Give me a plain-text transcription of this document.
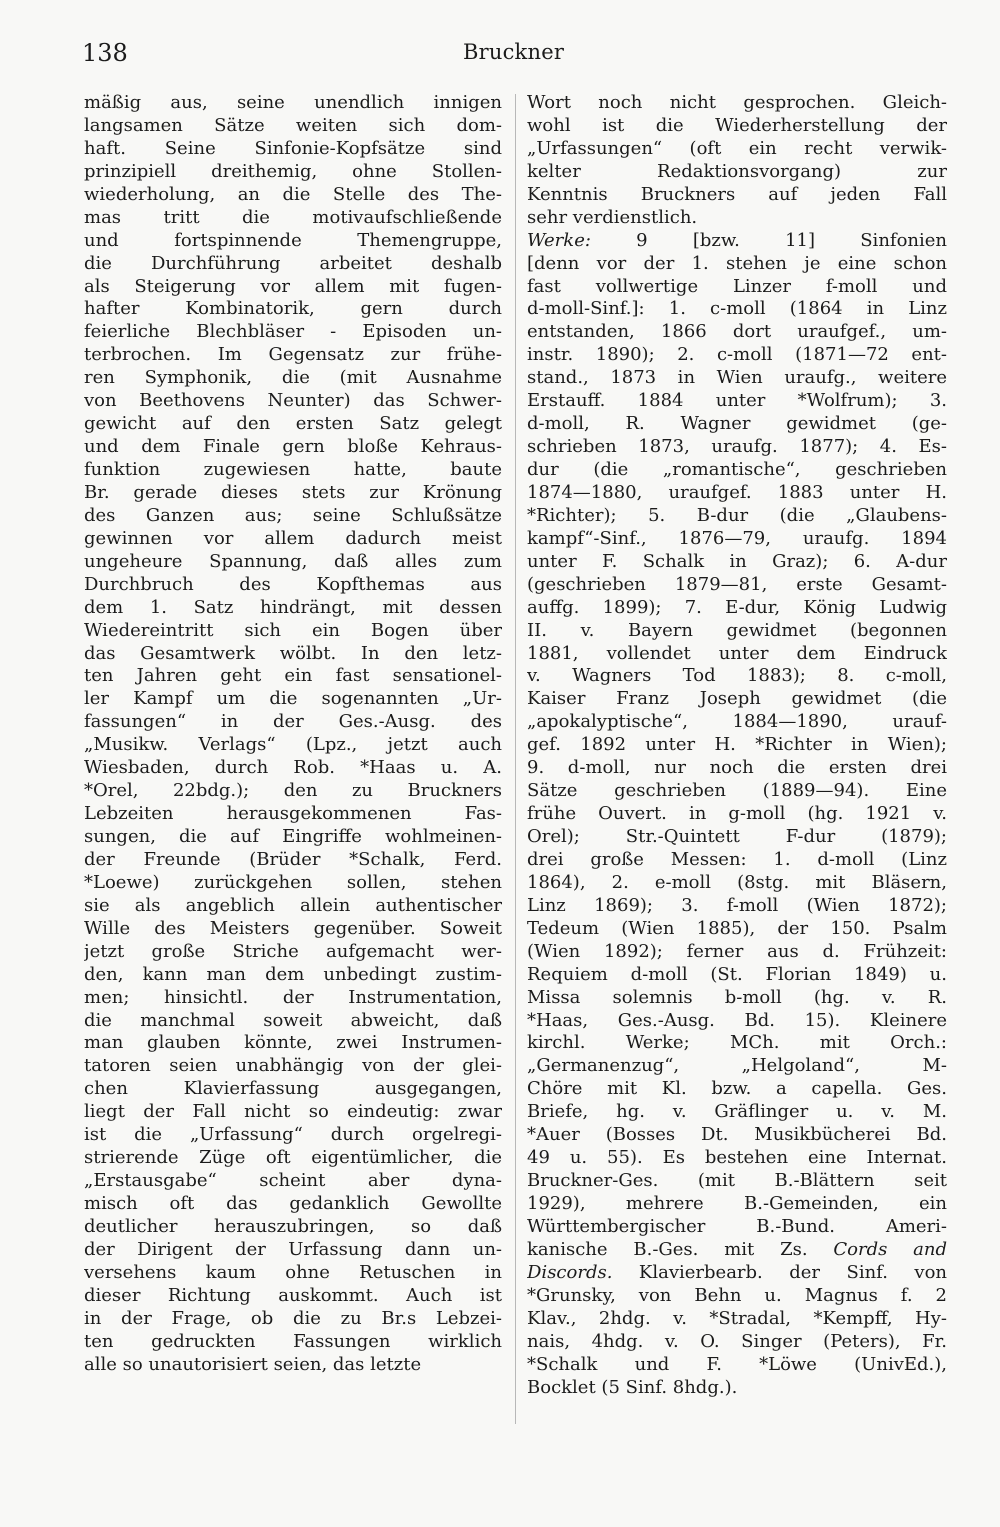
138	Bruckner
mäßig aus, seine unendlich innigen
langsamen Sätze weiten sich dom-
haft. Seine Sinfonie-Kopfsätze sind
prinzipiell dreithemig, ohne Stollen-
wiederholung, an die Stelle des The-
mas tritt die motivaufschließende
und fortspinnende Themengruppe,
die Durchführung arbeitet deshalb
als Steigerung vor allem mit fugen-
hafter Kombinatorik, gern durch
feierliche Blechbläser - Episoden un-
terbrochen. Im Gegensatz zur frühe-
ren Symphonik, die (mit Ausnahme
von Beethovens Neunter) das Schwer-
gewicht auf den ersten Satz gelegt
und dem Finale gern bloße Kehraus-
funktion zugewiesen hatte, baute
Br. gerade dieses stets zur Krönung
des Ganzen aus; seine Schlußsätze
gewinnen vor allem dadurch meist
ungeheure Spannung, daß alles zum
Durchbruch des Kopfthemas aus
dem 1. Satz hindrängt, mit dessen
Wiedereintritt sich ein Bogen über
das Gesamtwerk wölbt. In den letz-
ten Jahren geht ein fast sensationel-
ler Kampf um die sogenannten „Ur-
fassungen“ in der Ges.-Ausg. des
„Musikw. Verlags“ (Lpz., jetzt auch
Wiesbaden, durch Rob. *Haas u. A.
*Orel, 22bdg.); den zu Bruckners
Lebzeiten herausgekommenen Fas-
sungen, die auf Eingriffe wohlmeinen-
der Freunde (Brüder *Schalk, Ferd.
*Loewe) zurückgehen sollen, stehen
sie als angeblich allein authentischer
Wille des Meisters gegenüber. Soweit
jetzt große Striche aufgemacht wer-
den, kann man dem unbedingt zustim-
men; hinsichtl. der Instrumentation,
die manchmal soweit abweicht, daß
man glauben könnte, zwei Instrumen-
tatoren seien unabhängig von der glei-
chen Klavierfassung ausgegangen,
liegt der Fall nicht so eindeutig: zwar
ist die „Urfassung“ durch orgelregi-
strierende Züge oft eigentümlicher, die
„Erstausgabe“ scheint aber dyna-
misch oft das gedanklich Gewollte
deutlicher herauszubringen, so daß
der Dirigent der Urfassung dann un-
versehens kaum ohne Retuschen in
dieser Richtung auskommt. Auch ist
in der Frage, ob die zu Br.s Lebzei-
ten gedruckten Fassungen wirklich
alle so unautorisiert seien, das letzte
Wort noch nicht gesprochen. Gleich-
wohl ist die Wiederherstellung der
„Urfassungen“ (oft ein recht verwik-
kelter Redaktionsvorgang) zur
Kenntnis Bruckners auf jeden Fall
sehr verdienstlich.
Werke: 9 [bzw. 11] Sinfonien
[denn vor der 1. stehen je eine schon
fast vollwertige Linzer f-moll und
d-moll-Sinf.]: 1. c-moll (1864 in Linz
entstanden, 1866 dort uraufgef., um-
instr. 1890); 2. c-moll (1871—72 ent-
stand., 1873 in Wien uraufg., weitere
Erstauff. 1884 unter *Wolfrum); 3.
d-moll, R. Wagner gewidmet (ge-
schrieben 1873, uraufg. 1877); 4. Es-
dur (die „romantische“, geschrieben
1874—1880, uraufgef. 1883 unter H.
*Richter); 5. B-dur (die „Glaubens-
kampf“-Sinf., 1876—79, uraufg. 1894
unter F. Schalk in Graz); 6. A-dur
(geschrieben 1879—81, erste Gesamt-
auffg. 1899); 7. E-dur, König Ludwig
II. v. Bayern gewidmet (begonnen
1881, vollendet unter dem Eindruck
v. Wagners Tod 1883); 8. c-moll,
Kaiser Franz Joseph gewidmet (die
„apokalyptische“, 1884—1890, urauf-
gef. 1892 unter H. *Richter in Wien);
9. d-moll, nur noch die ersten drei
Sätze geschrieben (1889—94). Eine
frühe Ouvert. in g-moll (hg. 1921 v.
Orel); Str.-Quintett F-dur (1879);
drei große Messen: 1. d-moll (Linz
1864), 2. e-moll (8stg. mit Bläsern,
Linz 1869); 3. f-moll (Wien 1872);
Tedeum (Wien 1885), der 150. Psalm
(Wien 1892); ferner aus d. Frühzeit:
Requiem d-moll (St. Florian 1849) u.
Missa solemnis b-moll (hg. v. R.
*Haas, Ges.-Ausg. Bd. 15). Kleinere
kirchl. Werke; MCh. mit Orch.:
„Germanenzug“, „Helgoland“, M-
Chöre mit Kl. bzw. a capella. Ges.
Briefe, hg. v. Gräflinger u. v. M.
*Auer (Bosses Dt. Musikbücherei Bd.
49 u. 55). Es bestehen eine Internat.
Bruckner-Ges. (mit B.-Blättern seit
1929), mehrere B.-Gemeinden, ein
Württembergischer B.-Bund. Ameri-
kanische B.-Ges. mit Zs. Cords and
Discords. Klavierbearb. der Sinf. von
*Grunsky, von Behn u. Magnus f. 2
Klav., 2hdg. v. *Stradal, *Kempff, Hy-
nais, 4hdg. v. O. Singer (Peters), Fr.
*Schalk und F. *Löwe (UnivEd.),
Bocklet (5 Sinf. 8hdg.).
